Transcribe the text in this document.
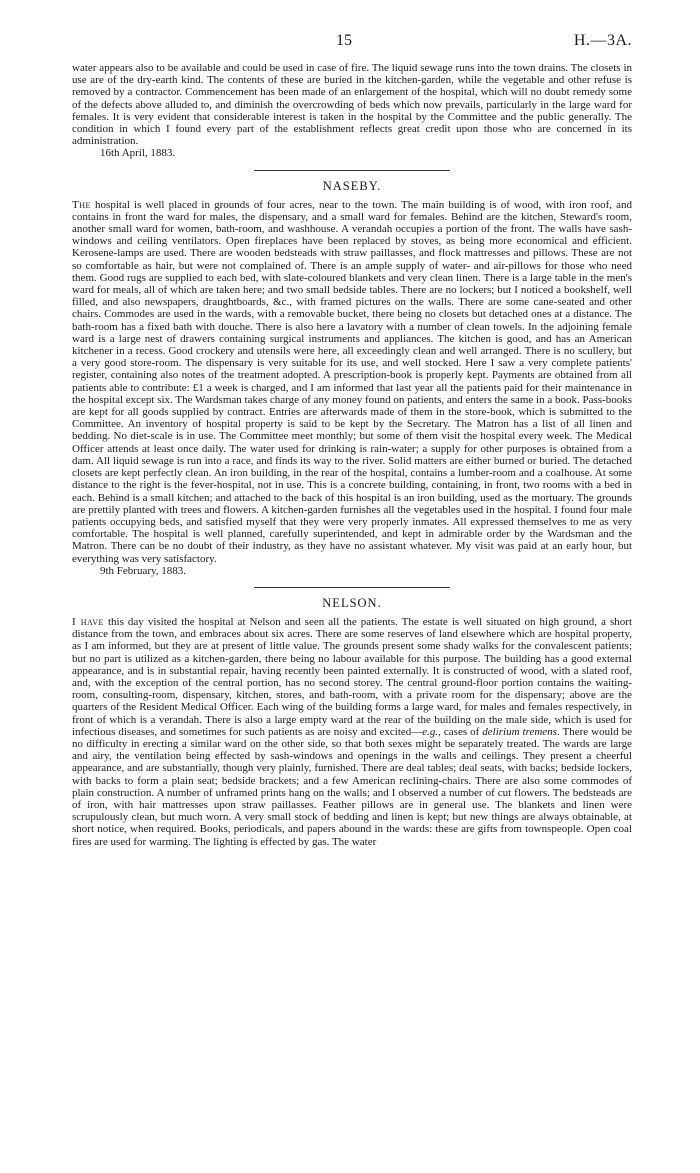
15	H.—3A.

water appears also to be available and could be used in case of fire. The liquid sewage runs into the town drains. The closets in use are of the dry-earth kind. The contents of these are buried in the kitchen-garden, while the vegetable and other refuse is removed by a contractor. Commencement has been made of an enlargement of the hospital, which will no doubt remedy some of the defects above alluded to, and diminish the overcrowding of beds which now prevails, particularly in the large ward for females. It is very evident that considerable interest is taken in the hospital by the Committee and the public generally. The condition in which I found every part of the establishment reflects great credit upon those who are concerned in its administration.

16th April, 1883.
NASEBY.

The hospital is well placed in grounds of four acres, near to the town. The main building is of wood, with iron roof, and contains in front the ward for males, the dispensary, and a small ward for females. Behind are the kitchen, Steward's room, another small ward for women, bath-room, and washhouse. A verandah occupies a portion of the front. The walls have sash-windows and ceiling ventilators. Open fireplaces have been replaced by stoves, as being more economical and efficient. Kerosene-lamps are used. There are wooden bedsteads with straw paillasses, and flock mattresses and pillows. These are not so comfortable as hair, but were not complained of. There is an ample supply of water- and air-pillows for those who need them. Good rugs are supplied to each bed, with slate-coloured blankets and very clean linen. There is a large table in the men's ward for meals, all of which are taken here; and two small bedside tables. There are no lockers; but I noticed a bookshelf, well filled, and also newspapers, draughtboards, &c., with framed pictures on the walls. There are some cane-seated and other chairs. Commodes are used in the wards, with a removable bucket, there being no closets but detached ones at a distance. The bath-room has a fixed bath with douche. There is also here a lavatory with a number of clean towels. In the adjoining female ward is a large nest of drawers containing surgical instruments and appliances. The kitchen is good, and has an American kitchener in a recess. Good crockery and utensils were here, all exceedingly clean and well arranged. There is no scullery, but a very good store-room. The dispensary is very suitable for its use, and well stocked. Here I saw a very complete patients' register, containing also notes of the treatment adopted. A prescription-book is properly kept. Payments are obtained from all patients able to contribute: £1 a week is charged, and I am informed that last year all the patients paid for their maintenance in the hospital except six. The Wardsman takes charge of any money found on patients, and enters the same in a book. Pass-books are kept for all goods supplied by contract. Entries are afterwards made of them in the store-book, which is submitted to the Committee. An inventory of hospital property is said to be kept by the Secretary. The Matron has a list of all linen and bedding. No diet-scale is in use. The Committee meet monthly; but some of them visit the hospital every week. The Medical Officer attends at least once daily. The water used for drinking is rain-water; a supply for other purposes is obtained from a dam. All liquid sewage is run into a race, and finds its way to the river. Solid matters are either burned or buried. The detached closets are kept perfectly clean. An iron building, in the rear of the hospital, contains a lumber-room and a coalhouse. At some distance to the right is the fever-hospital, not in use. This is a concrete building, containing, in front, two rooms with a bed in each. Behind is a small kitchen; and attached to the back of this hospital is an iron building, used as the mortuary. The grounds are prettily planted with trees and flowers. A kitchen-garden furnishes all the vegetables used in the hospital. I found four male patients occupying beds, and satisfied myself that they were very properly inmates. All expressed themselves to me as very comfortable. The hospital is well planned, carefully superintended, and kept in admirable order by the Wardsman and the Matron. There can be no doubt of their industry, as they have no assistant whatever. My visit was paid at an early hour, but everything was very satisfactory.

9th February, 1883.
NELSON.

I have this day visited the hospital at Nelson and seen all the patients. The estate is well situated on high ground, a short distance from the town, and embraces about six acres. There are some reserves of land elsewhere which are hospital property, as I am informed, but they are at present of little value. The grounds present some shady walks for the convalescent patients; but no part is utilized as a kitchen-garden, there being no labour available for this purpose. The building has a good external appearance, and is in substantial repair, having recently been painted externally. It is constructed of wood, with a slated roof, and, with the exception of the central portion, has no second storey. The central ground-floor portion contains the waiting-room, consulting-room, dispensary, kitchen, stores, and bath-room, with a private room for the dispensary; above are the quarters of the Resident Medical Officer. Each wing of the building forms a large ward, for males and females respectively, in front of which is a verandah. There is also a large empty ward at the rear of the building on the male side, which is used for infectious diseases, and sometimes for such patients as are noisy and excited—e.g., cases of delirium tremens. There would be no difficulty in erecting a similar ward on the other side, so that both sexes might be separately treated. The wards are large and airy, the ventilation being effected by sash-windows and openings in the walls and ceilings. They present a cheerful appearance, and are substantially, though very plainly, furnished. There are deal tables; deal seats, with backs; bedside lockers, with backs to form a plain seat; bedside brackets; and a few American reclining-chairs. There are also some commodes of plain construction. A number of unframed prints hang on the walls; and I observed a number of cut flowers. The bedsteads are of iron, with hair mattresses upon straw paillasses. Feather pillows are in general use. The blankets and linen were scrupulously clean, but much worn. A very small stock of bedding and linen is kept; but new things are always obtainable, at short notice, when required. Books, periodicals, and papers abound in the wards: these are gifts from townspeople. Open coal fires are used for warming. The lighting is effected by gas. The water
